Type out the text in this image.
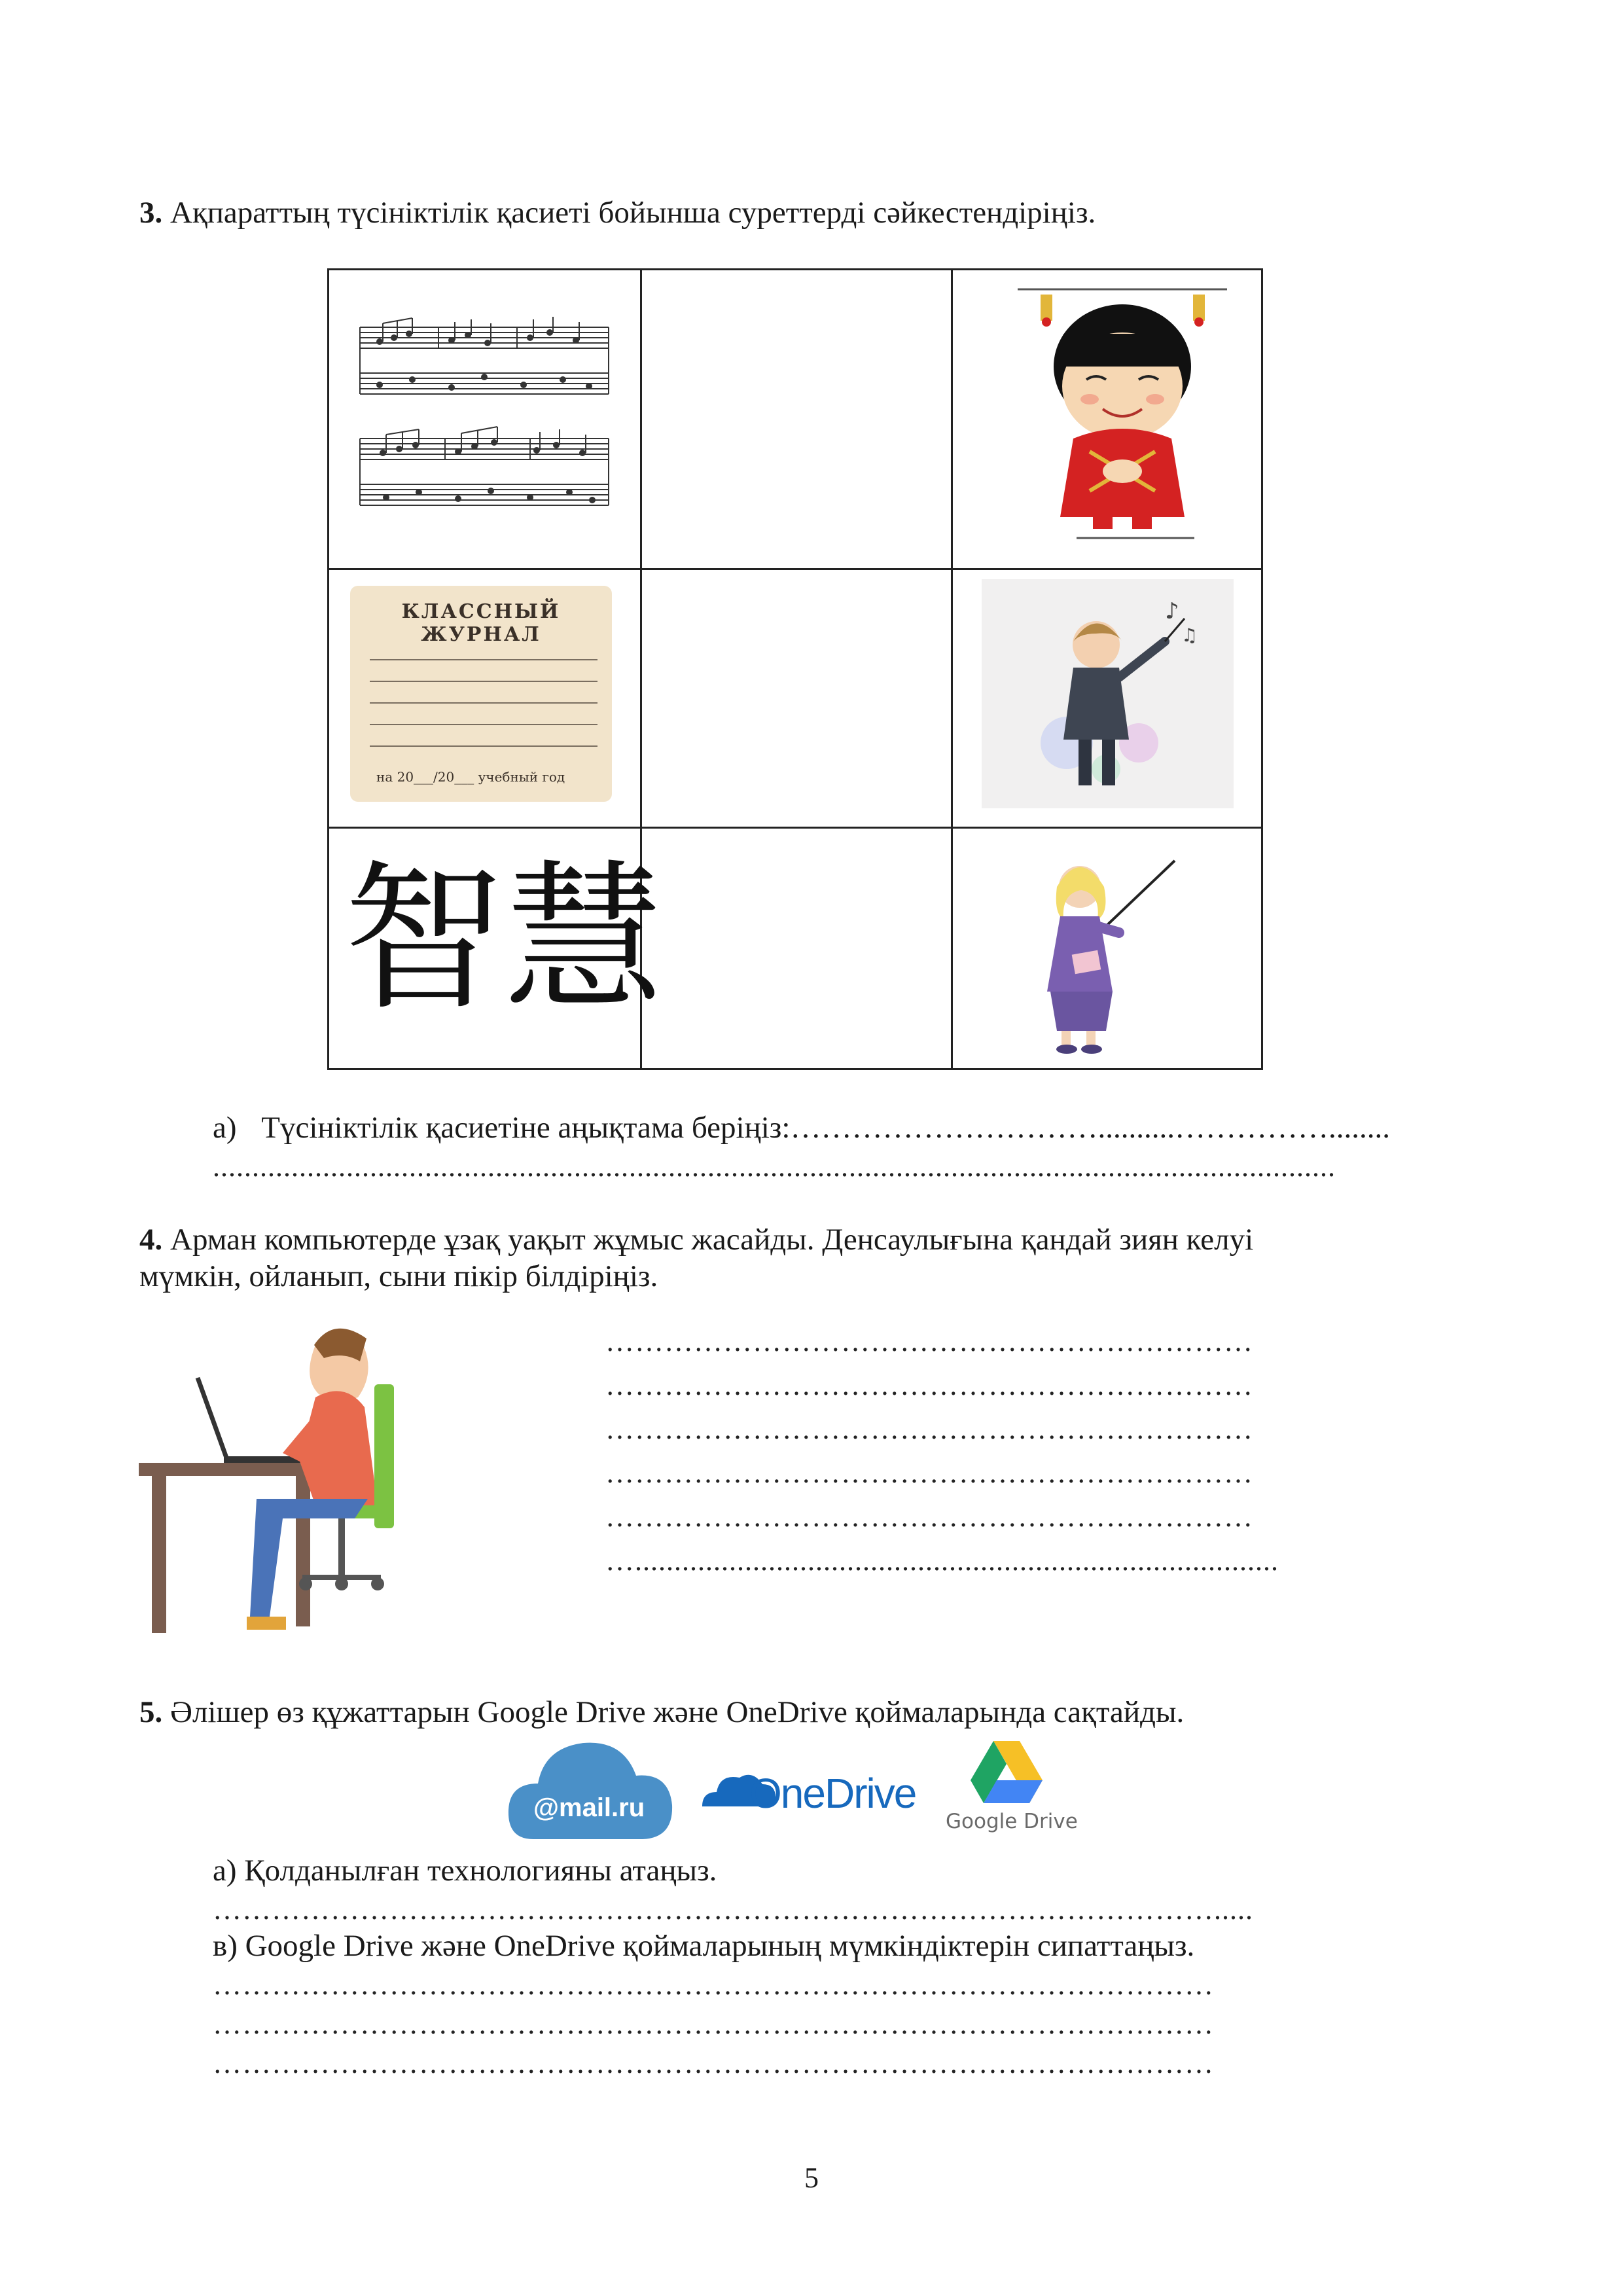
3. Ақпараттың түсініктілік қасиеті бойынша суреттерді сәйкестендіріңіз.
КЛАССНЫЙ ЖУРНАЛ
на 20___/20___ учебный год
♪
♫
智慧
а) Түсініктілік қасиетіне аңықтама беріңіз:…………………………..........……………........
...............................................................................................................................................
4. Арман компьютерде ұзақ уақыт жұмыс жасайды. Денсаулығына қандай зиян келуі
мүмкін, ойланып, сыни пікір білдіріңіз.
…………………………………………………………
…………………………………………………………
…………………………………………………………
…………………………………………………………
…………………………………………………………
…..................................................................................
5. Әлішер өз құжаттарын Google Drive және OneDrive қоймаларында сақтайды.
@mail.ru OneDrive
Google Drive
а) Қолданылған технологияны атаңыз.
………………………………………………………………………………………….....
в) Google Drive және OneDrive қоймаларының мүмкіндіктерін сипаттаңыз.
…………………………………………………………………………………………
…………………………………………………………………………………………
…………………………………………………………………………………………
5
